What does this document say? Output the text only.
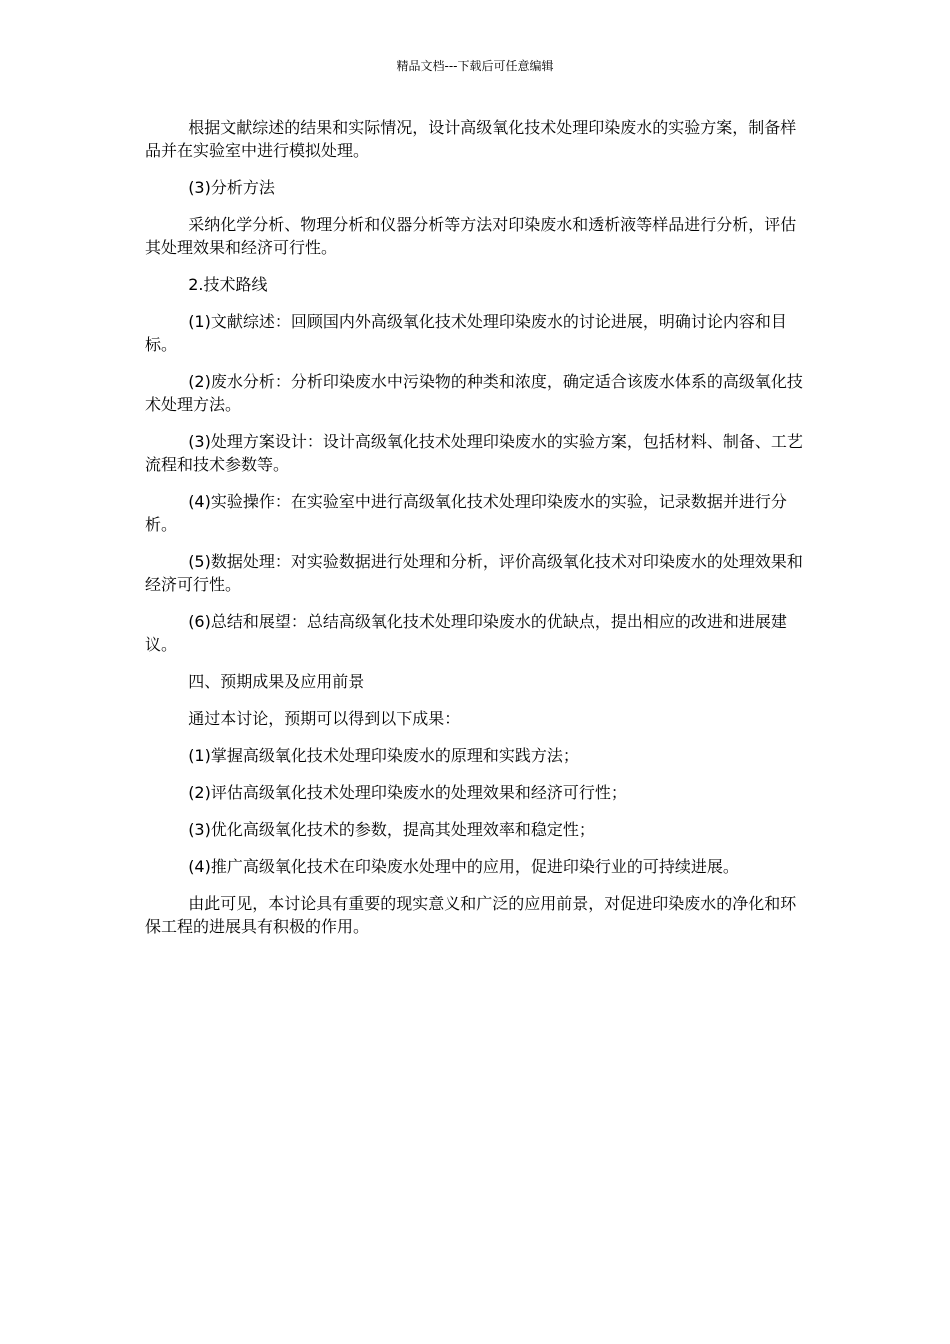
精品文档---下载后可任意编辑

根据文献综述的结果和实际情况，设计高级氧化技术处理印染废水的实验方案，制备样品并在实验室中进行模拟处理。

(3)分析方法

采纳化学分析、物理分析和仪器分析等方法对印染废水和透析液等样品进行分析，评估其处理效果和经济可行性。

2.技术路线

(1)文献综述：回顾国内外高级氧化技术处理印染废水的讨论进展，明确讨论内容和目标。

(2)废水分析：分析印染废水中污染物的种类和浓度，确定适合该废水体系的高级氧化技术处理方法。

(3)处理方案设计：设计高级氧化技术处理印染废水的实验方案，包括材料、制备、工艺流程和技术参数等。

(4)实验操作：在实验室中进行高级氧化技术处理印染废水的实验，记录数据并进行分析。

(5)数据处理：对实验数据进行处理和分析，评价高级氧化技术对印染废水的处理效果和经济可行性。

(6)总结和展望：总结高级氧化技术处理印染废水的优缺点，提出相应的改进和进展建议。

四、预期成果及应用前景

通过本讨论，预期可以得到以下成果：

(1)掌握高级氧化技术处理印染废水的原理和实践方法；

(2)评估高级氧化技术处理印染废水的处理效果和经济可行性；

(3)优化高级氧化技术的参数，提高其处理效率和稳定性；

(4)推广高级氧化技术在印染废水处理中的应用，促进印染行业的可持续进展。

由此可见，本讨论具有重要的现实意义和广泛的应用前景，对促进印染废水的净化和环保工程的进展具有积极的作用。
